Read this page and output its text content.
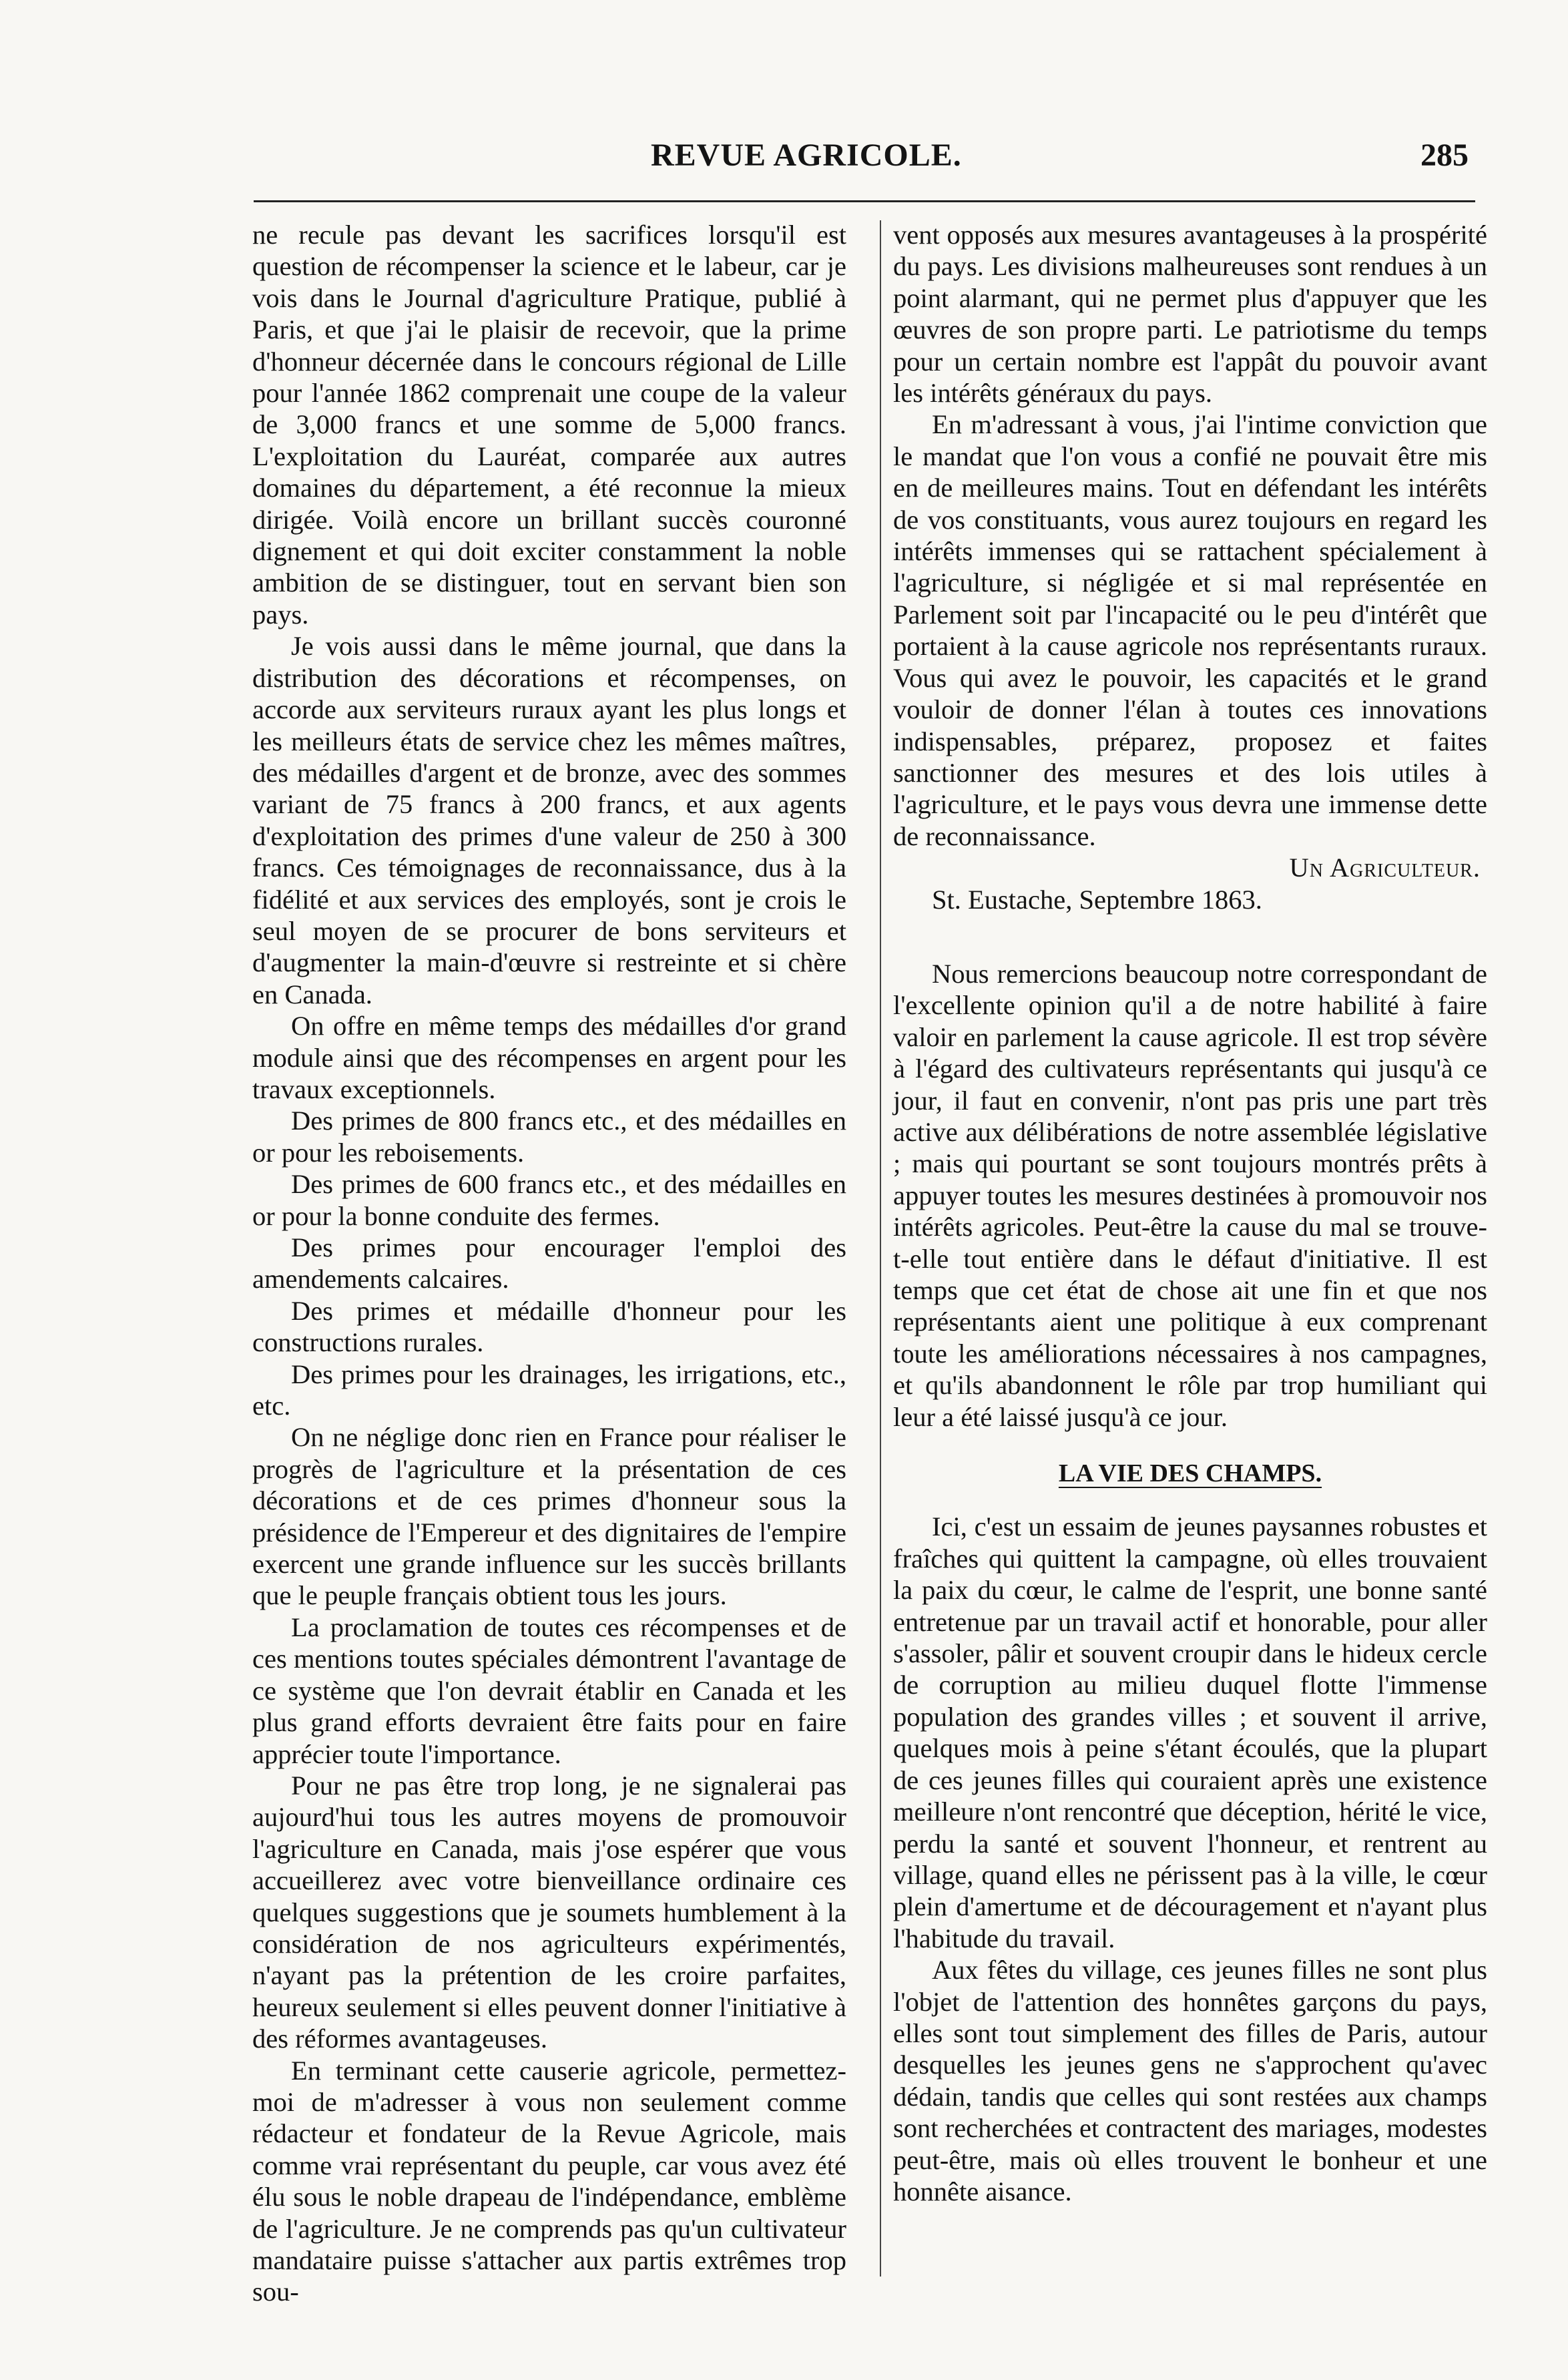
REVUE AGRICOLE.	285

ne recule pas devant les sacrifices lorsqu'il est question de récompenser la science et le labeur, car je vois dans le Journal d'agriculture Pratique, publié à Paris, et que j'ai le plaisir de recevoir, que la prime d'honneur décernée dans le concours régional de Lille pour l'année 1862 comprenait une coupe de la valeur de 3,000 francs et une somme de 5,000 francs. L'exploitation du Lauréat, comparée aux autres domaines du département, a été reconnue la mieux dirigée. Voilà encore un brillant succès couronné dignement et qui doit exciter constamment la noble ambition de se distinguer, tout en servant bien son pays.

Je vois aussi dans le même journal, que dans la distribution des décorations et récompenses, on accorde aux serviteurs ruraux ayant les plus longs et les meilleurs états de service chez les mêmes maîtres, des médailles d'argent et de bronze, avec des sommes variant de 75 francs à 200 francs, et aux agents d'exploitation des primes d'une valeur de 250 à 300 francs. Ces témoignages de reconnaissance, dus à la fidélité et aux services des employés, sont je crois le seul moyen de se procurer de bons serviteurs et d'augmenter la main-d'œuvre si restreinte et si chère en Canada.

On offre en même temps des médailles d'or grand module ainsi que des récompenses en argent pour les travaux exceptionnels.

Des primes de 800 francs etc., et des médailles en or pour les reboisements.

Des primes de 600 francs etc., et des médailles en or pour la bonne conduite des fermes.

Des primes pour encourager l'emploi des amendements calcaires.

Des primes et médaille d'honneur pour les constructions rurales.

Des primes pour les drainages, les irrigations, etc., etc.

On ne néglige donc rien en France pour réaliser le progrès de l'agriculture et la présentation de ces décorations et de ces primes d'honneur sous la présidence de l'Empereur et des dignitaires de l'empire exercent une grande influence sur les succès brillants que le peuple français obtient tous les jours.

La proclamation de toutes ces récompenses et de ces mentions toutes spéciales démontrent l'avantage de ce système que l'on devrait établir en Canada et les plus grand efforts devraient être faits pour en faire apprécier toute l'importance.

Pour ne pas être trop long, je ne signalerai pas aujourd'hui tous les autres moyens de promouvoir l'agriculture en Canada, mais j'ose espérer que vous accueillerez avec votre bienveillance ordinaire ces quelques suggestions que je soumets humblement à la considération de nos agriculteurs expérimentés, n'ayant pas la prétention de les croire parfaites, heureux seulement si elles peuvent donner l'initiative à des réformes avantageuses.

En terminant cette causerie agricole, permettez-moi de m'adresser à vous non seulement comme rédacteur et fondateur de la Revue Agricole, mais comme vrai représentant du peuple, car vous avez été élu sous le noble drapeau de l'indépendance, emblème de l'agriculture. Je ne comprends pas qu'un cultivateur mandataire puisse s'attacher aux partis extrêmes trop sou-

vent opposés aux mesures avantageuses à la prospérité du pays. Les divisions malheureuses sont rendues à un point alarmant, qui ne permet plus d'appuyer que les œuvres de son propre parti. Le patriotisme du temps pour un certain nombre est l'appât du pouvoir avant les intérêts généraux du pays.

En m'adressant à vous, j'ai l'intime conviction que le mandat que l'on vous a confié ne pouvait être mis en de meilleures mains. Tout en défendant les intérêts de vos constituants, vous aurez toujours en regard les intérêts immenses qui se rattachent spécialement à l'agriculture, si négligée et si mal représentée en Parlement soit par l'incapacité ou le peu d'intérêt que portaient à la cause agricole nos représentants ruraux. Vous qui avez le pouvoir, les capacités et le grand vouloir de donner l'élan à toutes ces innovations indispensables, préparez, proposez et faites sanctionner des mesures et des lois utiles à l'agriculture, et le pays vous devra une immense dette de reconnaissance.

Un Agriculteur.
St. Eustache, Septembre 1863.

Nous remercions beaucoup notre correspondant de l'excellente opinion qu'il a de notre habilité à faire valoir en parlement la cause agricole. Il est trop sévère à l'égard des cultivateurs représentants qui jusqu'à ce jour, il faut en convenir, n'ont pas pris une part très active aux délibérations de notre assemblée législative ; mais qui pourtant se sont toujours montrés prêts à appuyer toutes les mesures destinées à promouvoir nos intérêts agricoles. Peut-être la cause du mal se trouve-t-elle tout entière dans le défaut d'initiative. Il est temps que cet état de chose ait une fin et que nos représentants aient une politique à eux comprenant toute les améliorations nécessaires à nos campagnes, et qu'ils abandonnent le rôle par trop humiliant qui leur a été laissé jusqu'à ce jour.

LA VIE DES CHAMPS.

Ici, c'est un essaim de jeunes paysannes robustes et fraîches qui quittent la campagne, où elles trouvaient la paix du cœur, le calme de l'esprit, une bonne santé entretenue par un travail actif et honorable, pour aller s'assoler, pâlir et souvent croupir dans le hideux cercle de corruption au milieu duquel flotte l'immense population des grandes villes ; et souvent il arrive, quelques mois à peine s'étant écoulés, que la plupart de ces jeunes filles qui couraient après une existence meilleure n'ont rencontré que déception, hérité le vice, perdu la santé et souvent l'honneur, et rentrent au village, quand elles ne périssent pas à la ville, le cœur plein d'amertume et de découragement et n'ayant plus l'habitude du travail.

Aux fêtes du village, ces jeunes filles ne sont plus l'objet de l'attention des honnêtes garçons du pays, elles sont tout simplement des filles de Paris, autour desquelles les jeunes gens ne s'approchent qu'avec dédain, tandis que celles qui sont restées aux champs sont recherchées et contractent des mariages, modestes peut-être, mais où elles trouvent le bonheur et une honnête aisance.
